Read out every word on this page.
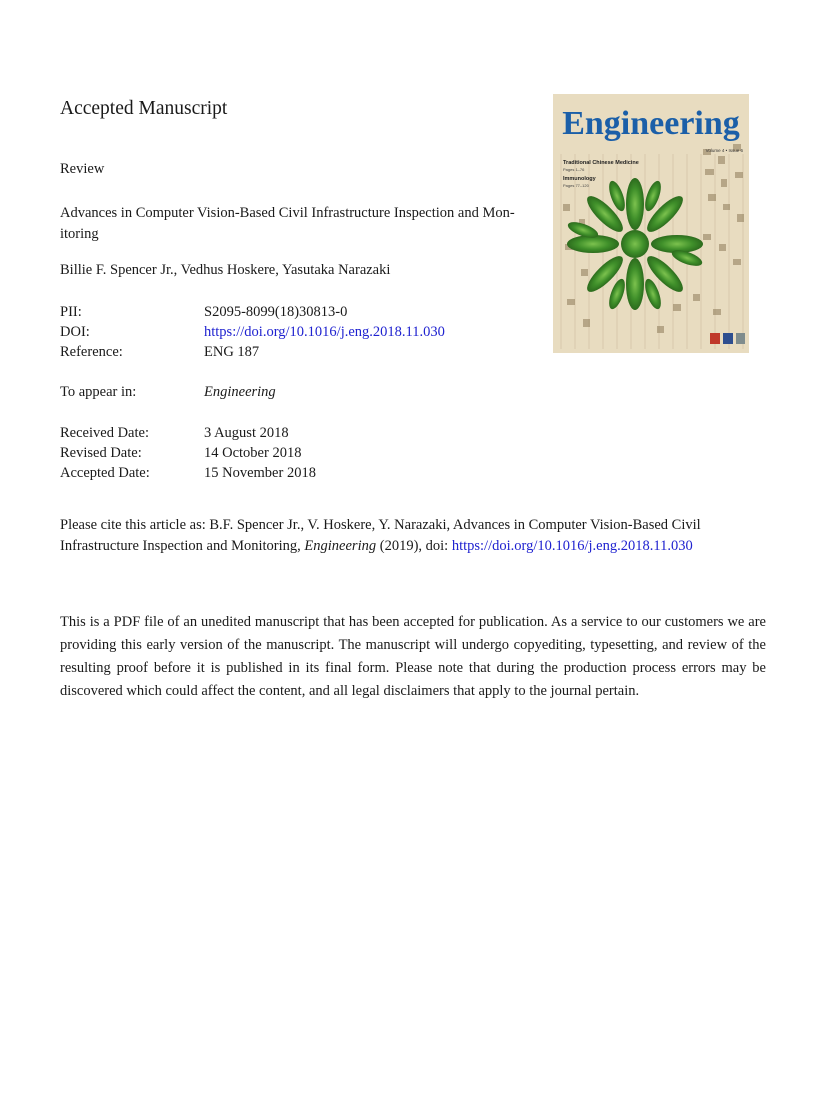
Accepted Manuscript
Review
Advances in Computer Vision-Based Civil Infrastructure Inspection and Mon-
itoring
Billie F. Spencer Jr., Vedhus Hoskere, Yasutaka Narazaki
PII:	S2095-8099(18)30813-0
DOI:	https://doi.org/10.1016/j.eng.2018.11.030
Reference:	ENG 187
To appear in:	Engineering
Received Date:	3 August 2018
Revised Date:	14 October 2018
Accepted Date:	15 November 2018
Please cite this article as: B.F. Spencer Jr., V. Hoskere, Y. Narazaki, Advances in Computer Vision-Based Civil Infrastructure Inspection and Monitoring, Engineering (2019), doi: https://doi.org/10.1016/j.eng.2018.11.030
This is a PDF file of an unedited manuscript that has been accepted for publication. As a service to our customers we are providing this early version of the manuscript. The manuscript will undergo copyediting, typesetting, and review of the resulting proof before it is published in its final form. Please note that during the production process errors may be discovered which could affect the content, and all legal disclaimers that apply to the journal pertain.
Engineering
Volume 4 • Issue 6
Traditional Chinese Medicine
Pages 1–76
Immunology
Pages 77–120
